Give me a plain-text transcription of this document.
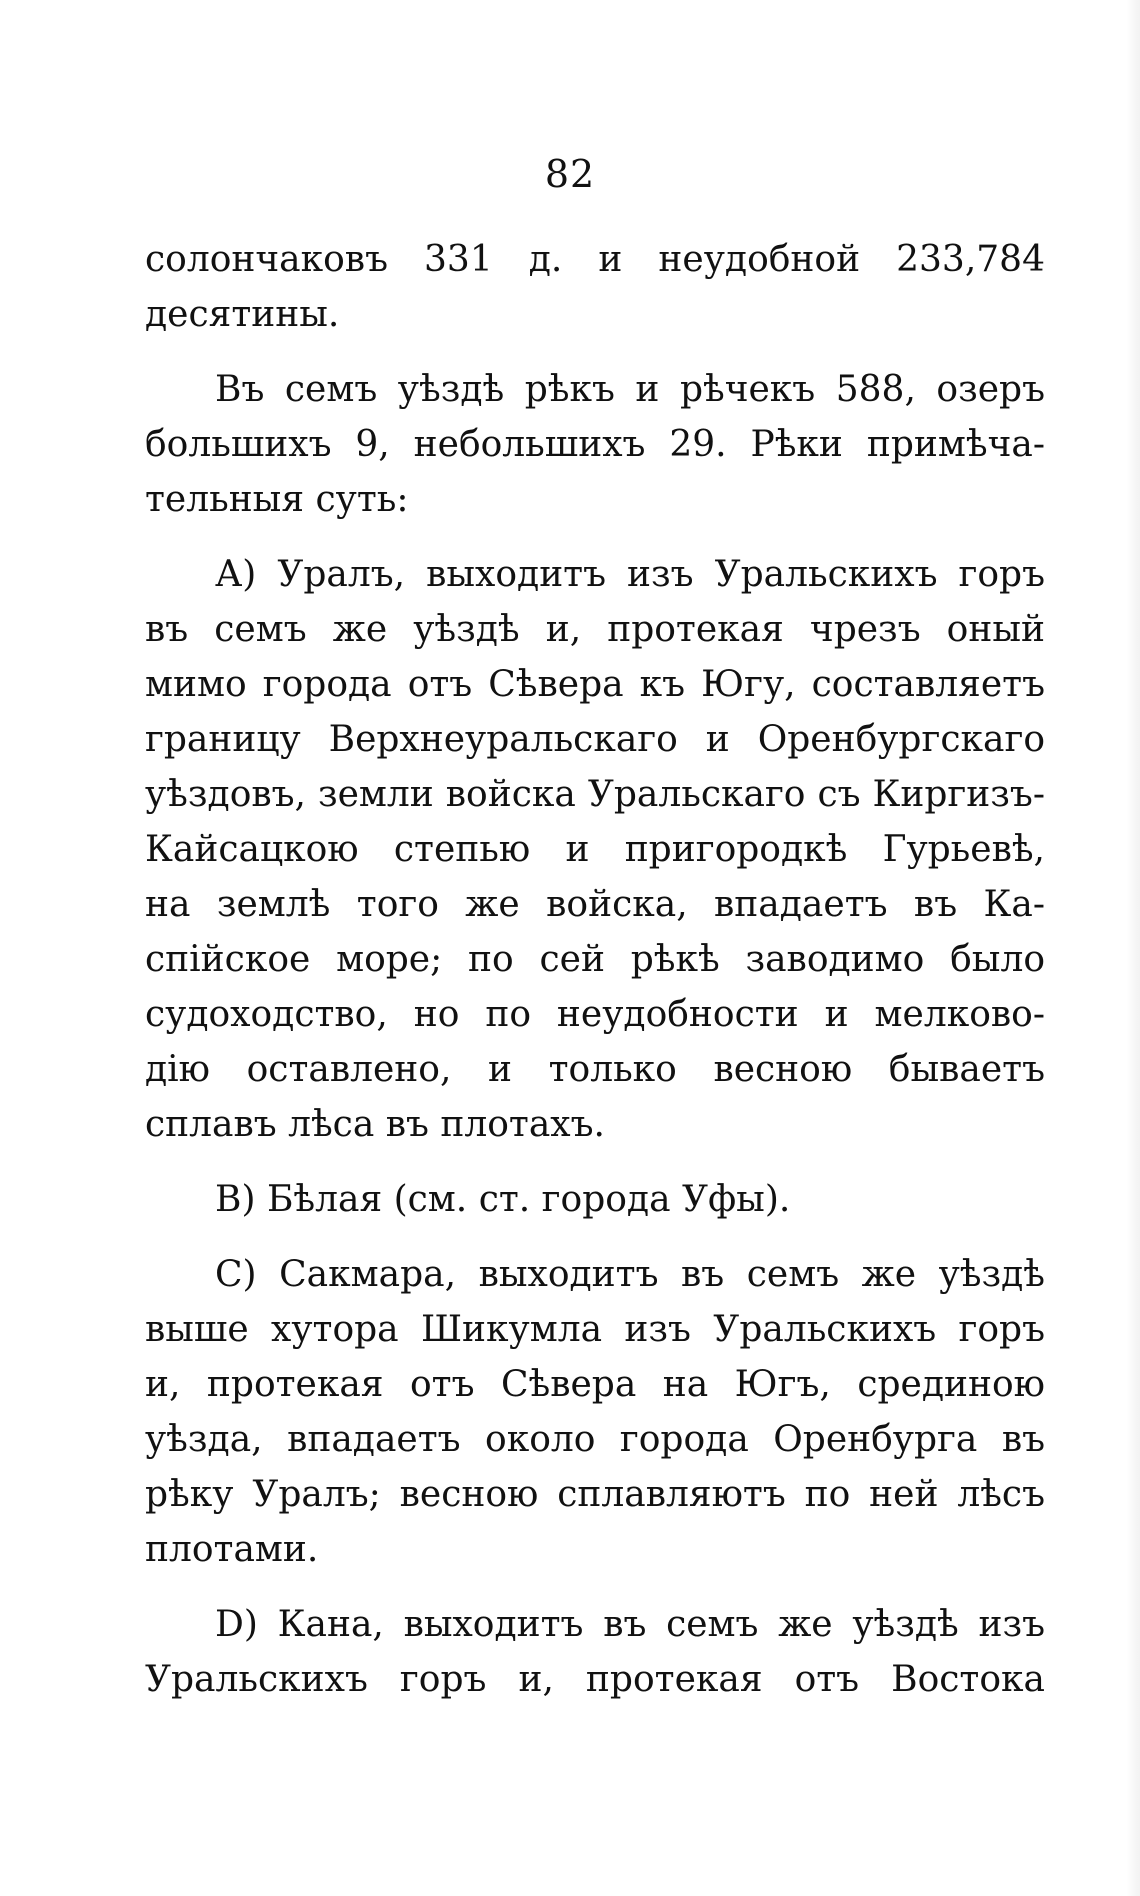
82
солончаковъ 331 д. и неудобной 233,784
десятины.
Въ семъ уѣздѣ рѣкъ и рѣчекъ 588, озеръ
большихъ 9, небольшихъ 29. Рѣки примѣча-
тельныя суть:
А) Уралъ, выходитъ изъ Уральскихъ горъ
въ семъ же уѣздѣ и, протекая чрезъ оный
мимо города отъ Сѣвера къ Югу, составляетъ
границу Верхнеуральскаго и Оренбургскаго
уѣздовъ, земли войска Уральскаго съ Киргизъ-
Кайсацкою степью и пригородкѣ Гурьевѣ,
на землѣ того же войска, впадаетъ въ Ка-
спійское море; по сей рѣкѣ заводимо было
судоходство, но по неудобности и мелково-
дію оставлено, и только весною бываетъ
сплавъ лѣса въ плотахъ.
В) Бѣлая (см. ст. города Уфы).
С) Сакмара, выходитъ въ семъ же уѣздѣ
выше хутора Шикумла изъ Уральскихъ горъ
и, протекая отъ Сѣвера на Югъ, срединою
уѣзда, впадаетъ около города Оренбурга въ
рѣку Уралъ; весною сплавляютъ по ней лѣсъ
плотами.
D) Кана, выходитъ въ семъ же уѣздѣ изъ
Уральскихъ горъ и, протекая отъ Востока
